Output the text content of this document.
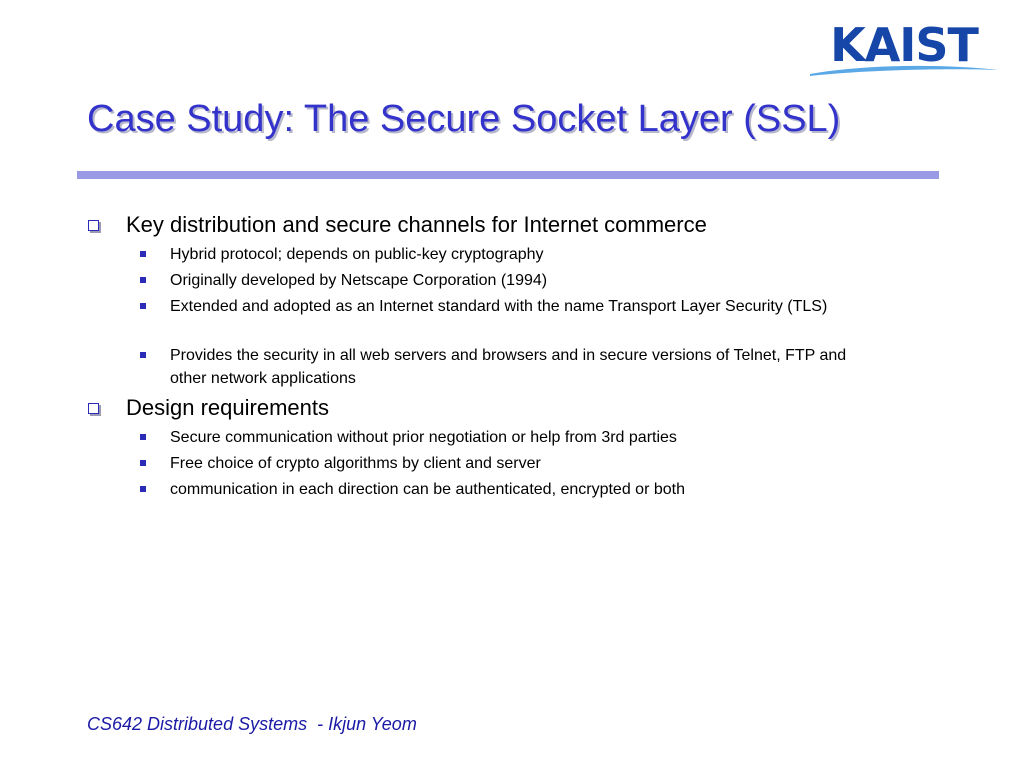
KAIST
Case Study: The Secure Socket Layer (SSL)
Key distribution and secure channels for Internet commerce
Hybrid protocol; depends on public-key cryptography
Originally developed by Netscape Corporation (1994)
Extended and adopted as an Internet standard with the name Transport Layer Security (TLS)
Provides the security in all web servers and browsers and in secure versions of Telnet, FTP and other network applications
Design requirements
Secure communication without prior negotiation or help from 3rd parties
Free choice of crypto algorithms by client and server
communication in each direction can be authenticated, encrypted or both
CS642 Distributed Systems  - Ikjun Yeom
